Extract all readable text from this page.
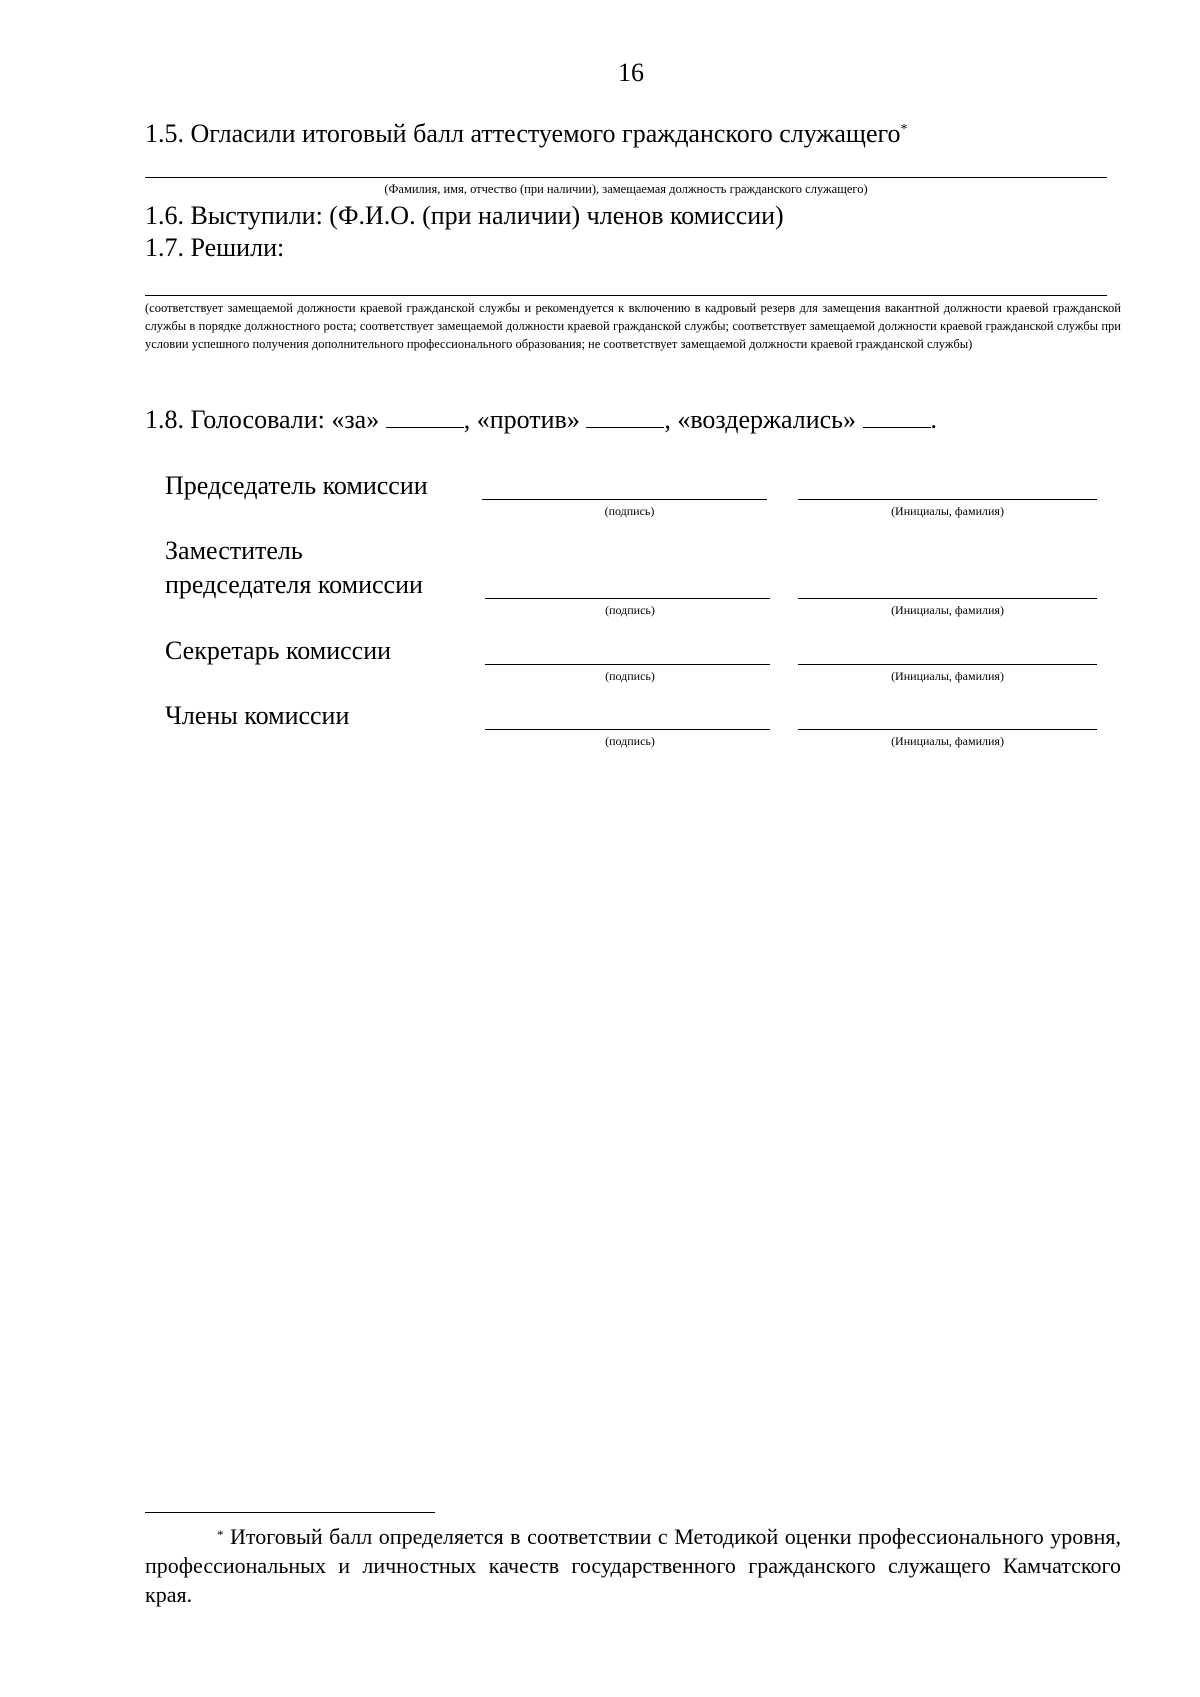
16
1.5. Огласили итоговый балл аттестуемого гражданского служащего*
(Фамилия, имя, отчество (при наличии), замещаемая должность гражданского служащего)
1.6. Выступили: (Ф.И.О. (при наличии) членов комиссии)
1.7. Решили:
(соответствует замещаемой должности краевой гражданской службы и рекомендуется к включению в кадровый резерв для замещения вакантной должности краевой гражданской службы в порядке должностного роста; соответствует замещаемой должности краевой гражданской службы; соответствует замещаемой должности краевой гражданской службы при условии успешного получения дополнительного профессионального образования; не соответствует замещаемой должности краевой гражданской службы)
1.8. Голосовали: «за»	, «против»	, «воздержались»	.
Председатель комиссии
(подпись)	(Инициалы, фамилия)
Заместитель
председателя комиссии
(подпись)	(Инициалы, фамилия)
Секретарь комиссии
(подпись)	(Инициалы, фамилия)
Члены комиссии
(подпись)	(Инициалы, фамилия)
* Итоговый балл определяется в соответствии с Методикой оценки профессионального уровня, профессиональных и личностных качеств государственного гражданского служащего Камчатского края.
